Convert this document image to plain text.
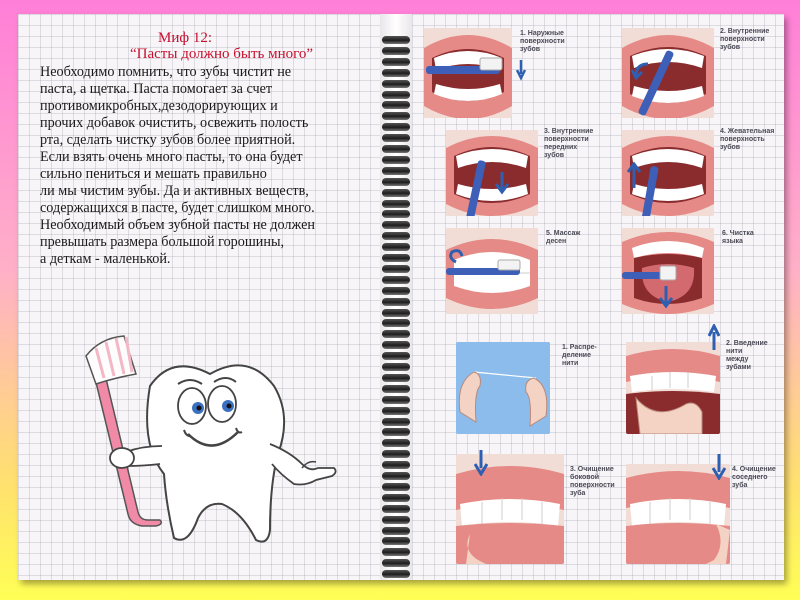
Миф 12:
“Пасты должно быть много”
Необходимо помнить, что зубы чистит не
паста, а щетка. Паста помогает за счет
противомикробных,дезодорирующих и
прочих добавок очистить, освежить полость
рта, сделать чистку зубов более приятной.
Если взять очень много пасты, то она будет
сильно пениться и мешать правильно
ли мы чистим зубы. Да и активных веществ,
содержащихся в пасте, будет слишком много.
Необходимый объем зубной пасты не должен
превышать размера большой горошины,
а деткам - маленькой.
1. Наружные
поверхности
зубов
2. Внутренние
поверхности
зубов
3. Внутренние
поверхности
передних
зубов
4. Жевательная
поверхность
зубов
5. Массаж
десен
6. Чистка
языка
1. Распре-
деление
нити
2. Введение
нити
между
зубами
3. Очищение
боковой
поверхности
зуба
4. Очищение
соседнего
зуба
